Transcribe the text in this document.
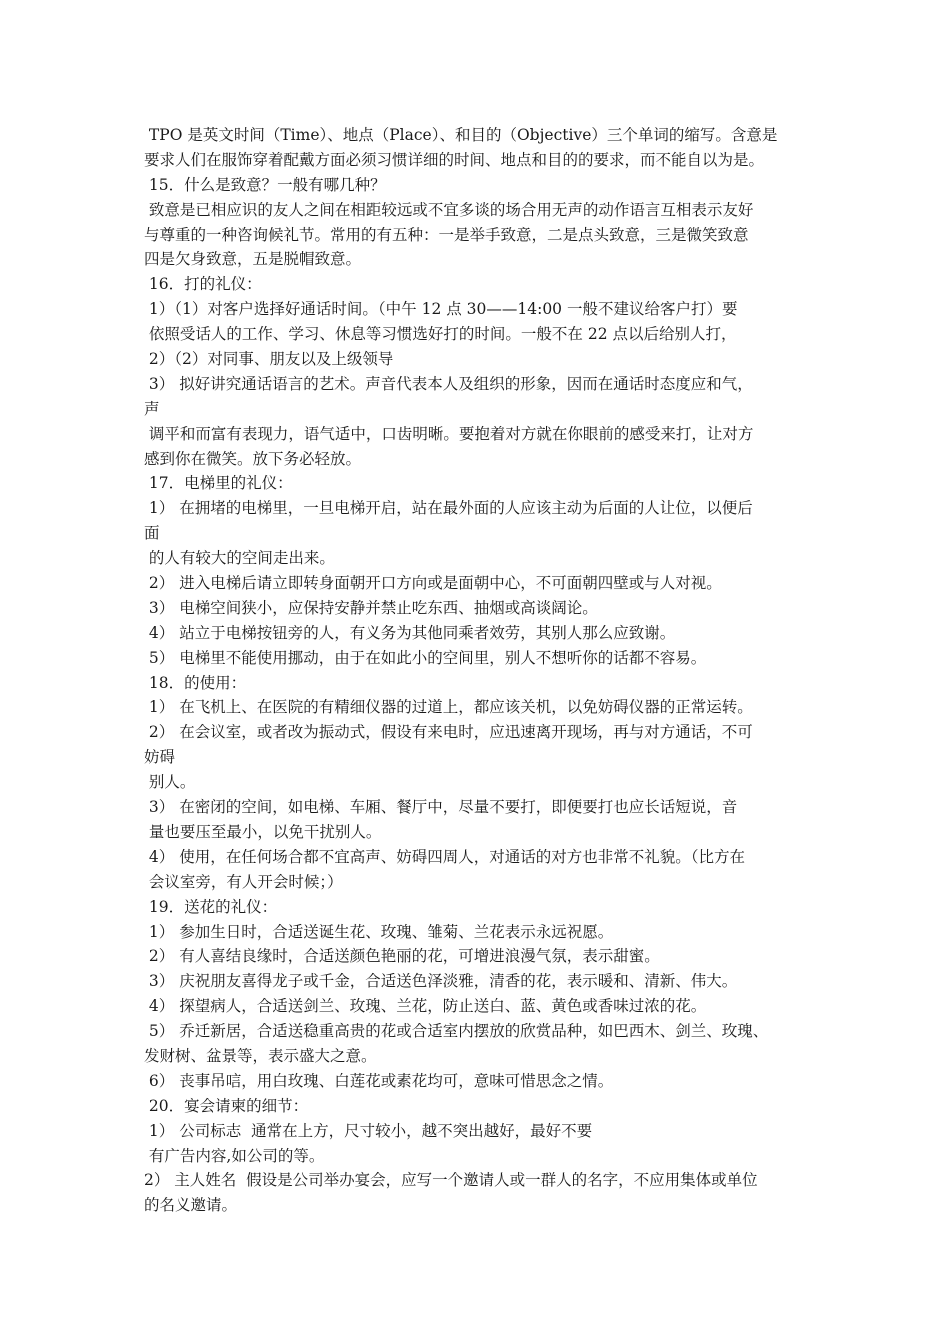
TPO 是英文时间（Time）、地点（Place）、和目的（Objective）三个单词的缩写。含意是
要求人们在服饰穿着配戴方面必须习惯详细的时间、地点和目的的要求，而不能自以为是。
15．什么是致意？一般有哪几种？
致意是已相应识的友人之间在相距较远或不宜多谈的场合用无声的动作语言互相表示友好
与尊重的一种咨询候礼节。常用的有五种：一是举手致意，二是点头致意，三是微笑致意
四是欠身致意，五是脱帽致意。
16．打的礼仪：
1）（1）对客户选择好通话时间。（中午 12 点 30——14:00 一般不建议给客户打）要
依照受话人的工作、学习、休息等习惯选好打的时间。一般不在 22 点以后给别人打，
2）（2）对同事、朋友以及上级领导
3） 拟好讲究通话语言的艺术。声音代表本人及组织的形象，因而在通话时态度应和气，
声
调平和而富有表现力，语气适中，口齿明晰。要抱着对方就在你眼前的感受来打，让对方
感到你在微笑。放下务必轻放。
17．电梯里的礼仪：
1） 在拥堵的电梯里，一旦电梯开启，站在最外面的人应该主动为后面的人让位，以便后
面
的人有较大的空间走出来。
2） 进入电梯后请立即转身面朝开口方向或是面朝中心，不可面朝四壁或与人对视。
3） 电梯空间狭小，应保持安静并禁止吃东西、抽烟或高谈阔论。
4） 站立于电梯按钮旁的人，有义务为其他同乘者效劳，其别人那么应致谢。
5） 电梯里不能使用挪动，由于在如此小的空间里，别人不想听你的话都不容易。
18．的使用：
1） 在飞机上、在医院的有精细仪器的过道上，都应该关机，以免妨碍仪器的正常运转。
2） 在会议室，或者改为振动式，假设有来电时，应迅速离开现场，再与对方通话，不可
妨碍
别人。
3） 在密闭的空间，如电梯、车厢、餐厅中，尽量不要打，即便要打也应长话短说，音
量也要压至最小，以免干扰别人。
4） 使用，在任何场合都不宜高声、妨碍四周人，对通话的对方也非常不礼貌。（比方在
会议室旁，有人开会时候；）
19．送花的礼仪：
1） 参加生日时，合适送诞生花、玫瑰、雏菊、兰花表示永远祝愿。
2） 有人喜结良缘时，合适送颜色艳丽的花，可增进浪漫气氛，表示甜蜜。
3） 庆祝朋友喜得龙子或千金，合适送色泽淡雅，清香的花，表示暖和、清新、伟大。
4） 探望病人，合适送剑兰、玫瑰、兰花，防止送白、蓝、黄色或香味过浓的花。
5） 乔迁新居，合适送稳重高贵的花或合适室内摆放的欣赏品种，如巴西木、剑兰、玫瑰、
发财树、盆景等，表示盛大之意。
6） 丧事吊唁，用白玫瑰、白莲花或素花均可，意味可惜思念之情。
20．宴会请柬的细节：
1） 公司标志  通常在上方，尺寸较小，越不突出越好，最好不要
有广告内容,如公司的等。
2） 主人姓名  假设是公司举办宴会，应写一个邀请人或一群人的名字，不应用集体或单位
的名义邀请。
